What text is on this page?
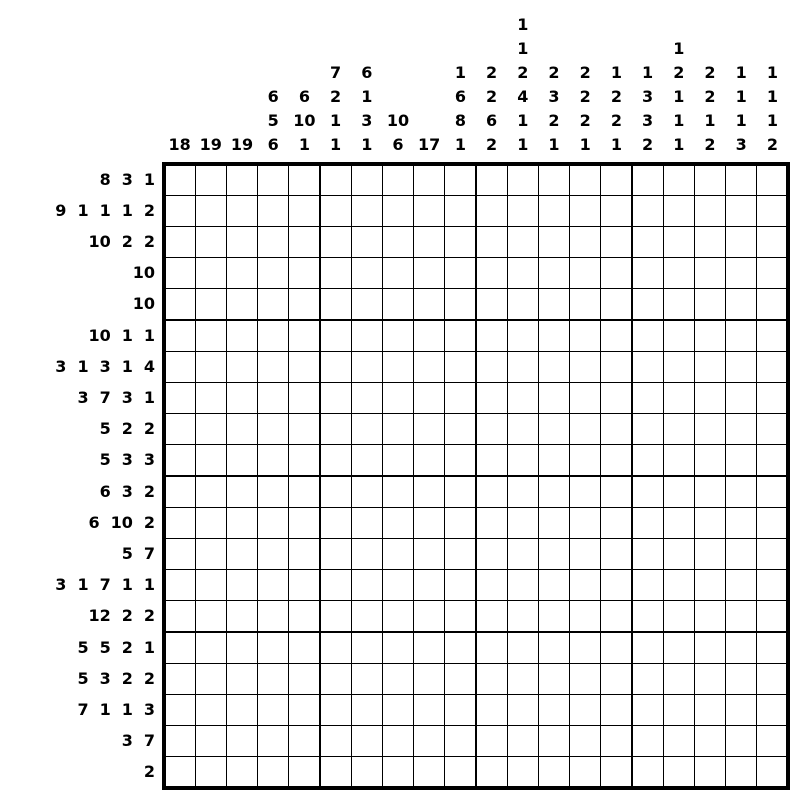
18 19 19
6
5
6
6
10
1
7
2
1
1
6
1
3
1
10
6 17
1
6
8
1
2
2
6
2
1
1
2
4
1
1
2
3
2
1
2
2
2
1
1
2
2
1
1
3
3
2
1
2
1
1
1
2
2
1
2
1
1
1
3
1
1
1
2
8 3 1
9 1 1 1 2
10 2 2
10
10
10 1 1
3 1 3 1 4
3 7 3 1
5 2 2
5 3 3
6 3 2
6 10 2
5 7
3 1 7 1 1
12 2 2
5 5 2 1
5 3 2 2
7 1 1 3
3 7
2
